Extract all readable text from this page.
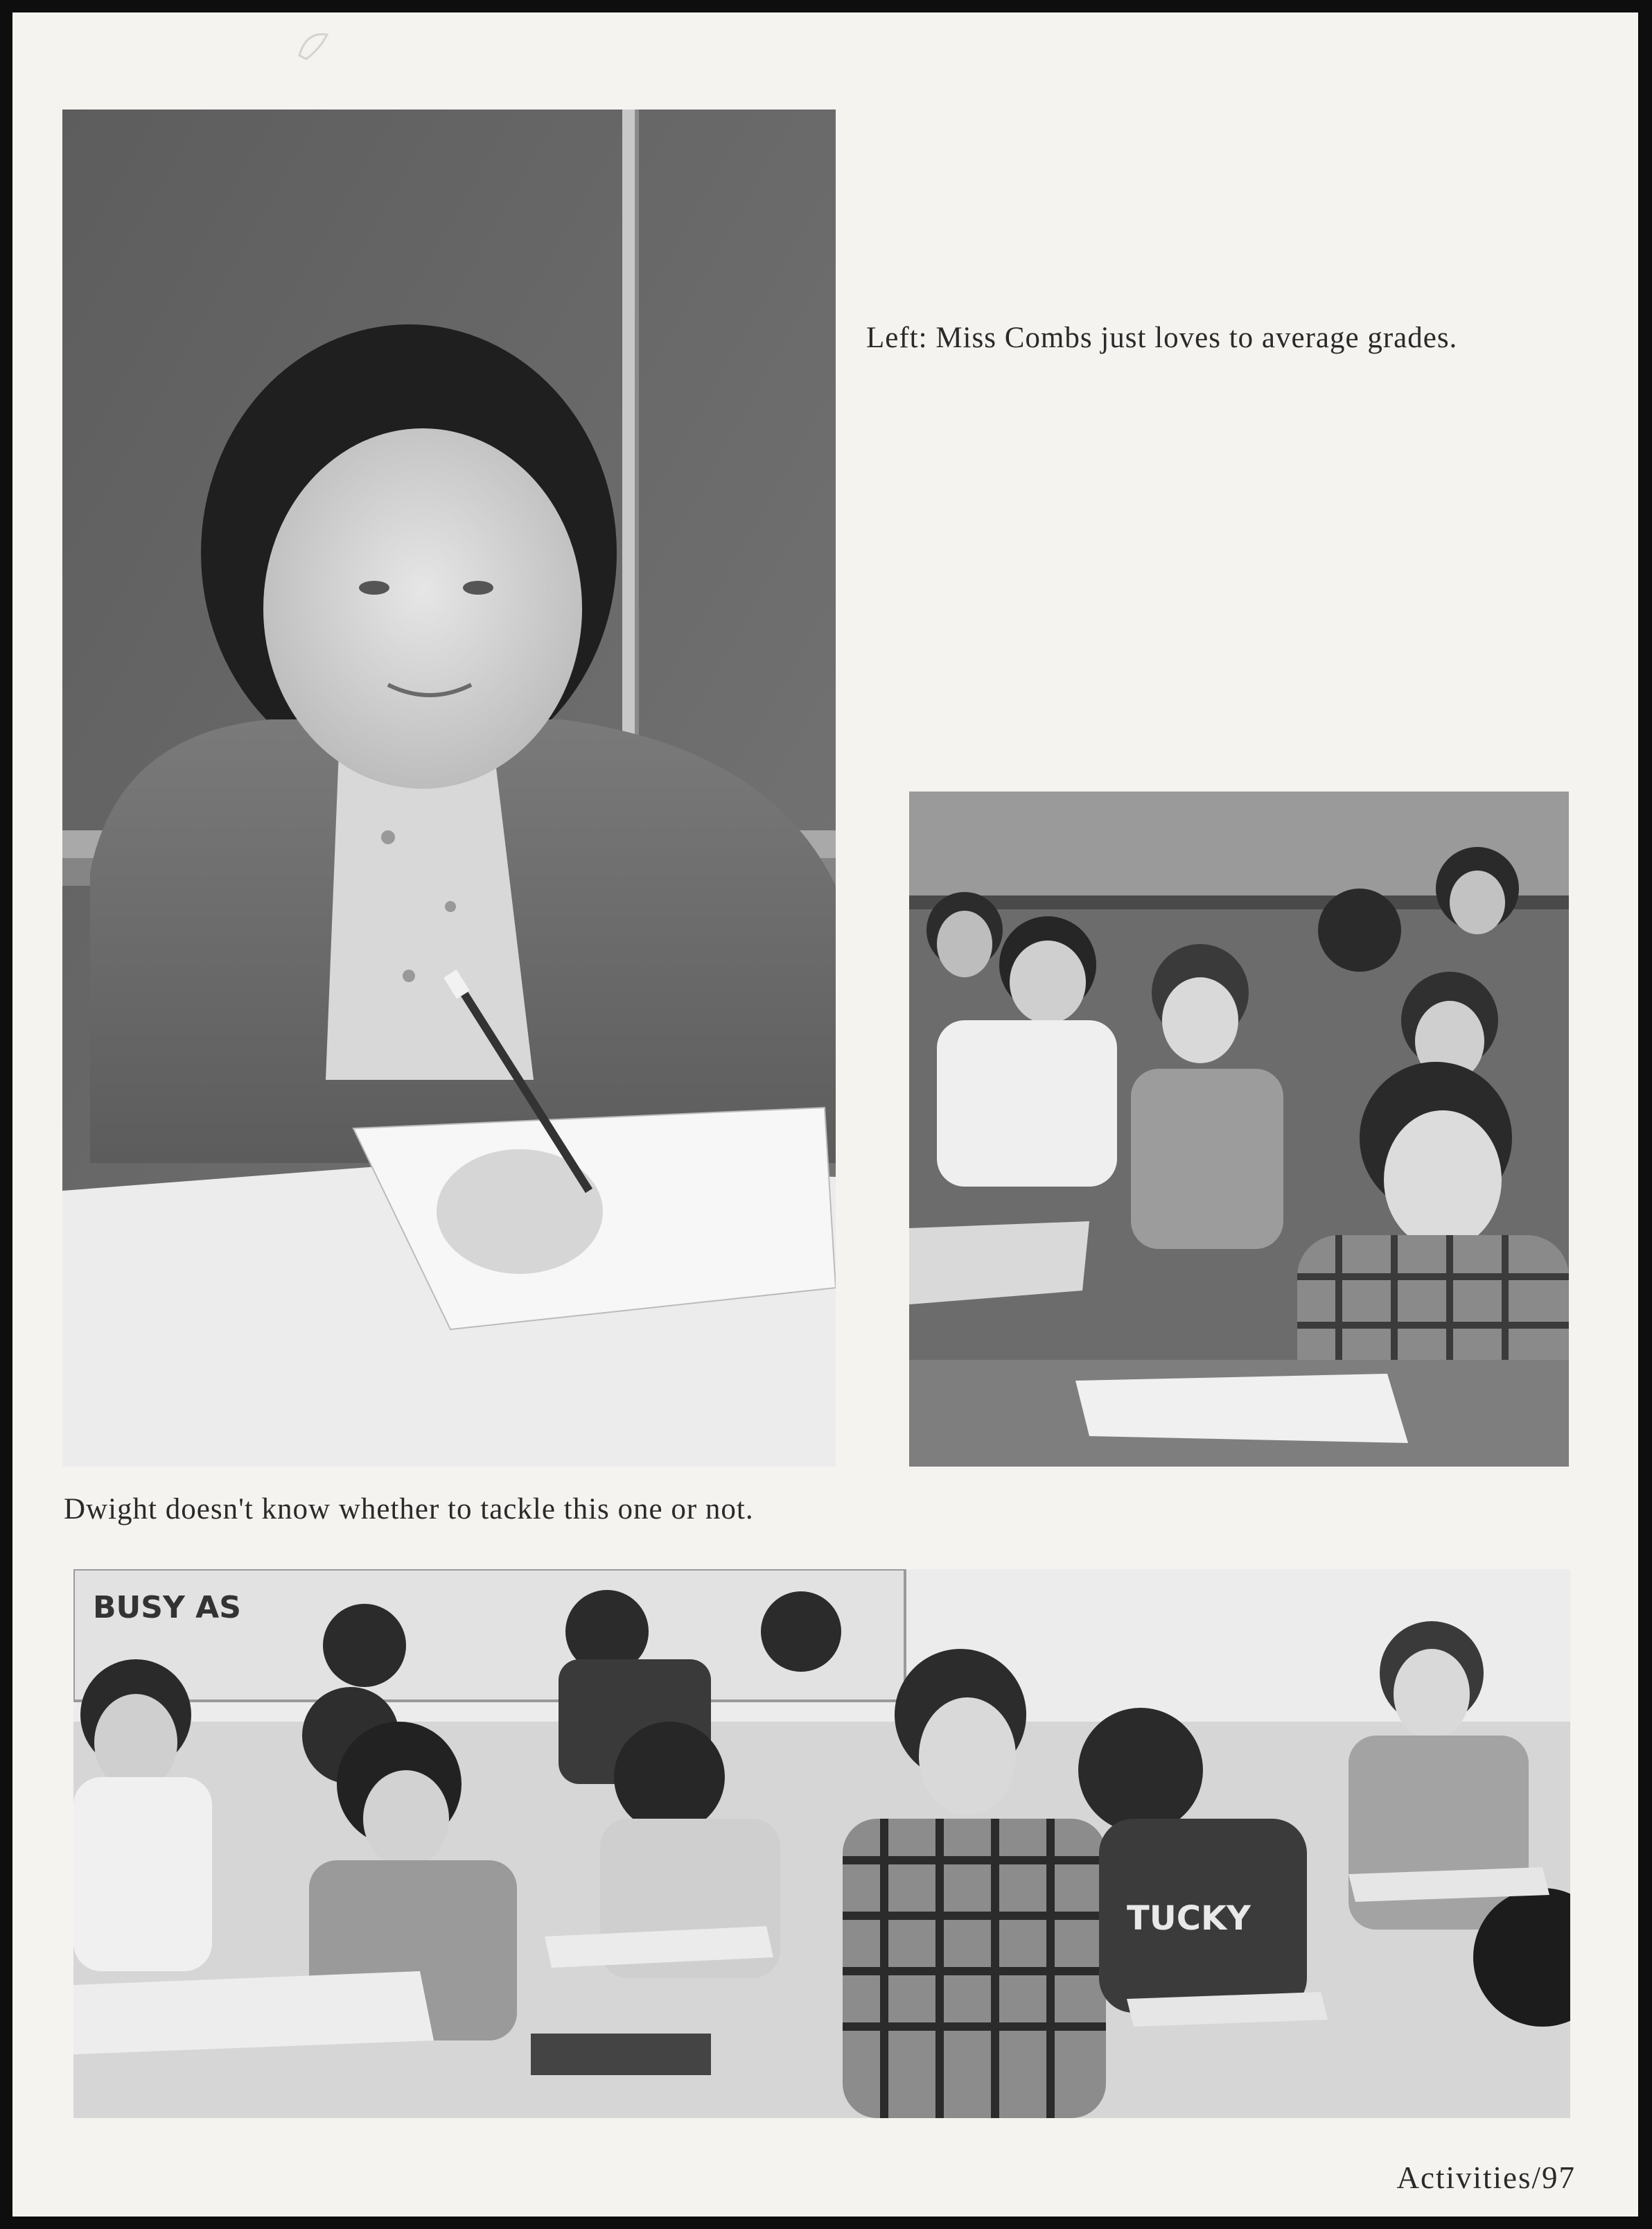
Left: Miss Combs just loves to average grades.
Dwight doesn't know whether to tackle this one or not.
BUSY AS
TUCKY
Activities/97
